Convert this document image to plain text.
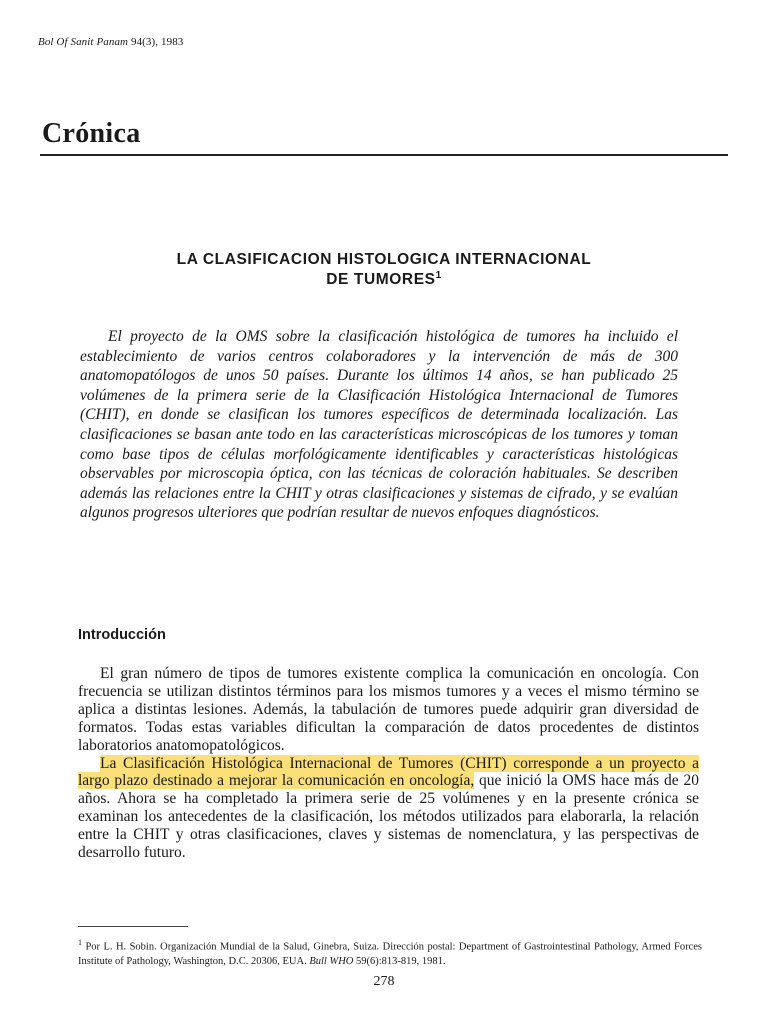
Bol Of Sanit Panam 94(3), 1983
Crónica
LA CLASIFICACION HISTOLOGICA INTERNACIONAL
DE TUMORES$^1$

El proyecto de la OMS sobre la clasificación histológica de tumores ha incluido el establecimiento de varios centros colaboradores y la intervención de más de 300 anatomopatólogos de unos 50 países. Durante los últimos 14 años, se han publicado 25 volúmenes de la primera serie de la Clasificación Histológica Internacional de Tumores (CHIT), en donde se clasifican los tumores específicos de determinada localización. Las clasificaciones se basan ante todo en las características microscópicas de los tumores y toman como base tipos de células morfológicamente identificables y características histológicas observables por microscopia óptica, con las técnicas de coloración habituales. Se describen además las relaciones entre la CHIT y otras clasificaciones y sistemas de cifrado, y se evalúan algunos progresos ulteriores que podrían resultar de nuevos enfoques diagnósticos.

Introducción

El gran número de tipos de tumores existente complica la comunicación en oncología. Con frecuencia se utilizan distintos términos para los mismos tumores y a veces el mismo término se aplica a distintas lesiones. Además, la tabulación de tumores puede adquirir gran diversidad de formatos. Todas estas variables dificultan la comparación de datos procedentes de distintos laboratorios anatomopatológicos.

La Clasificación Histológica Internacional de Tumores (CHIT) corresponde a un proyecto a largo plazo destinado a mejorar la comunicación en oncología, que inició la OMS hace más de 20 años. Ahora se ha completado la primera serie de 25 volúmenes y en la presente crónica se examinan los antecedentes de la clasificación, los métodos utilizados para elaborarla, la relación entre la CHIT y otras clasificaciones, claves y sistemas de nomenclatura, y las perspectivas de desarrollo futuro.

$^1$ Por L. H. Sobin. Organización Mundial de la Salud, Ginebra, Suiza. Dirección postal: Department of Gastrointestinal Pathology, Armed Forces Institute of Pathology, Washington, D.C. 20306, EUA. Bull WHO 59(6):813-819, 1981.

278
